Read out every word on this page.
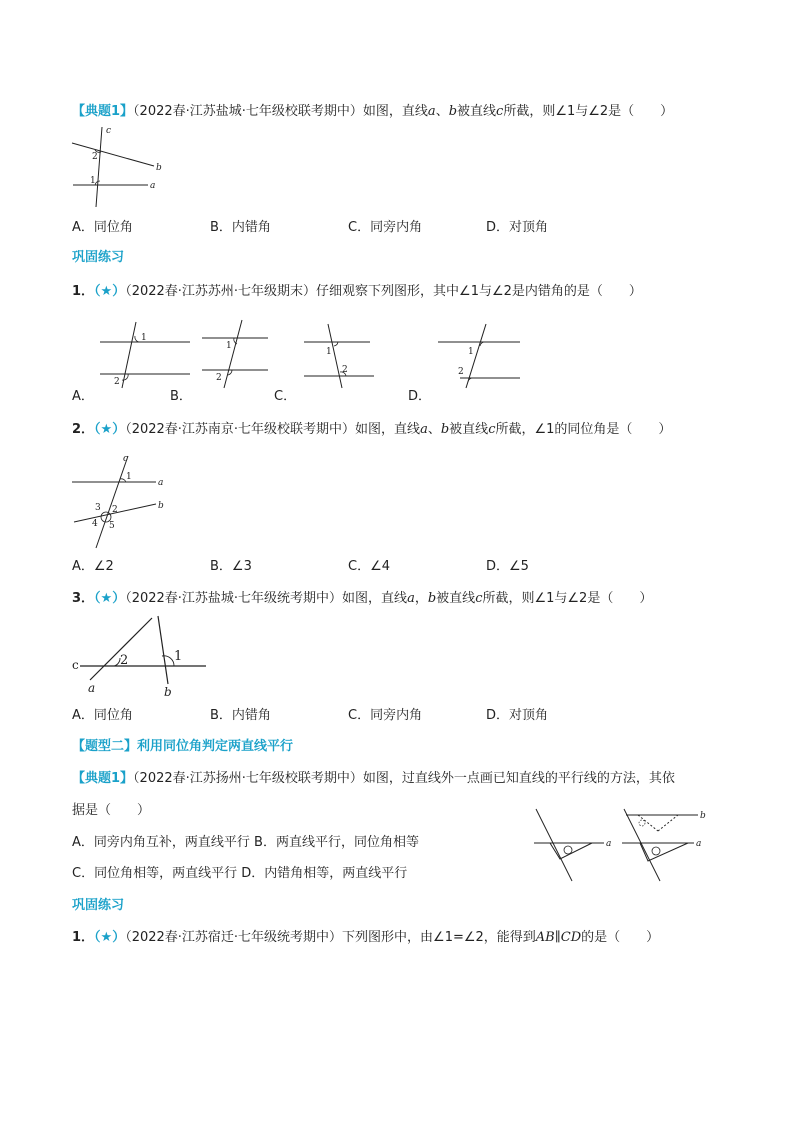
【典题1】（2022春·江苏盐城·七年级校联考期中）如图，直线a、b被直线c所截，则∠1与∠2是（　　）
c
b
a
2
1
A．同位角	B．内错角	C．同旁内角	D．对顶角
巩固练习
1．（★）（2022春·江苏苏州·七年级期末）仔细观察下列图形，其中∠1与∠2是内错角的是（　　）
A．
1
2
B．
1
2
C．
1
2
D．
1
2
2．（★）（2022春·江苏南京·七年级校联考期中）如图，直线a、b被直线c所截，∠1的同位角是（　　）
c
a
b
1
2
3
4 5
A．∠2	B．∠3	C．∠4	D．∠5
3．（★）（2022春·江苏盐城·七年级统考期中）如图，直线a，b被直线c所截，则∠1与∠2是（　　）
c
a	b
2	1
A．同位角	B．内错角	C．同旁内角	D．对顶角
【题型二】利用同位角判定两直线平行
【典题1】（2022春·江苏扬州·七年级校联考期中）如图，过直线外一点画已知直线的平行线的方法，其依
据是（　　）
A．同旁内角互补，两直线平行 B．两直线平行，同位角相等
C．同位角相等，两直线平行 D．内错角相等，两直线平行
a
b
a
巩固练习
1．（★）（2022春·江苏宿迁·七年级统考期中）下列图形中，由∠1=∠2，能得到AB∥CD的是（　　）
